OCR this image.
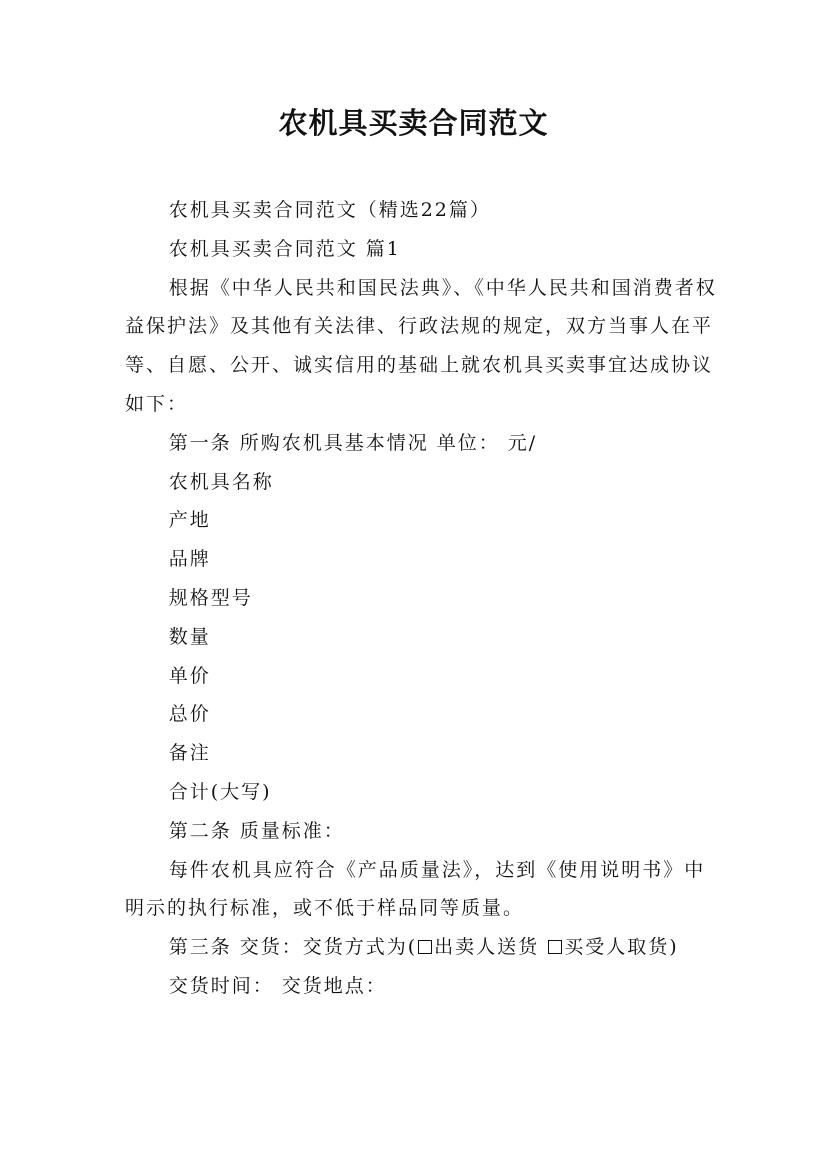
农机具买卖合同范文

农机具买卖合同范文（精选22篇）

农机具买卖合同范文 篇1

根据《中华人民共和国民法典》、《中华人民共和国消费者权益保护法》及其他有关法律、行政法规的规定，双方当事人在平等、自愿、公开、诚实信用的基础上就农机具买卖事宜达成协议如下：

第一条 所购农机具基本情况 单位： 元/

农机具名称

产地

品牌

规格型号

数量

单价

总价

备注

合计(大写)

第二条 质量标准：

每件农机具应符合《产品质量法》，达到《使用说明书》中明示的执行标准，或不低于样品同等质量。

第三条 交货：交货方式为( 出卖人送货 买受人取货)

交货时间： 交货地点：
